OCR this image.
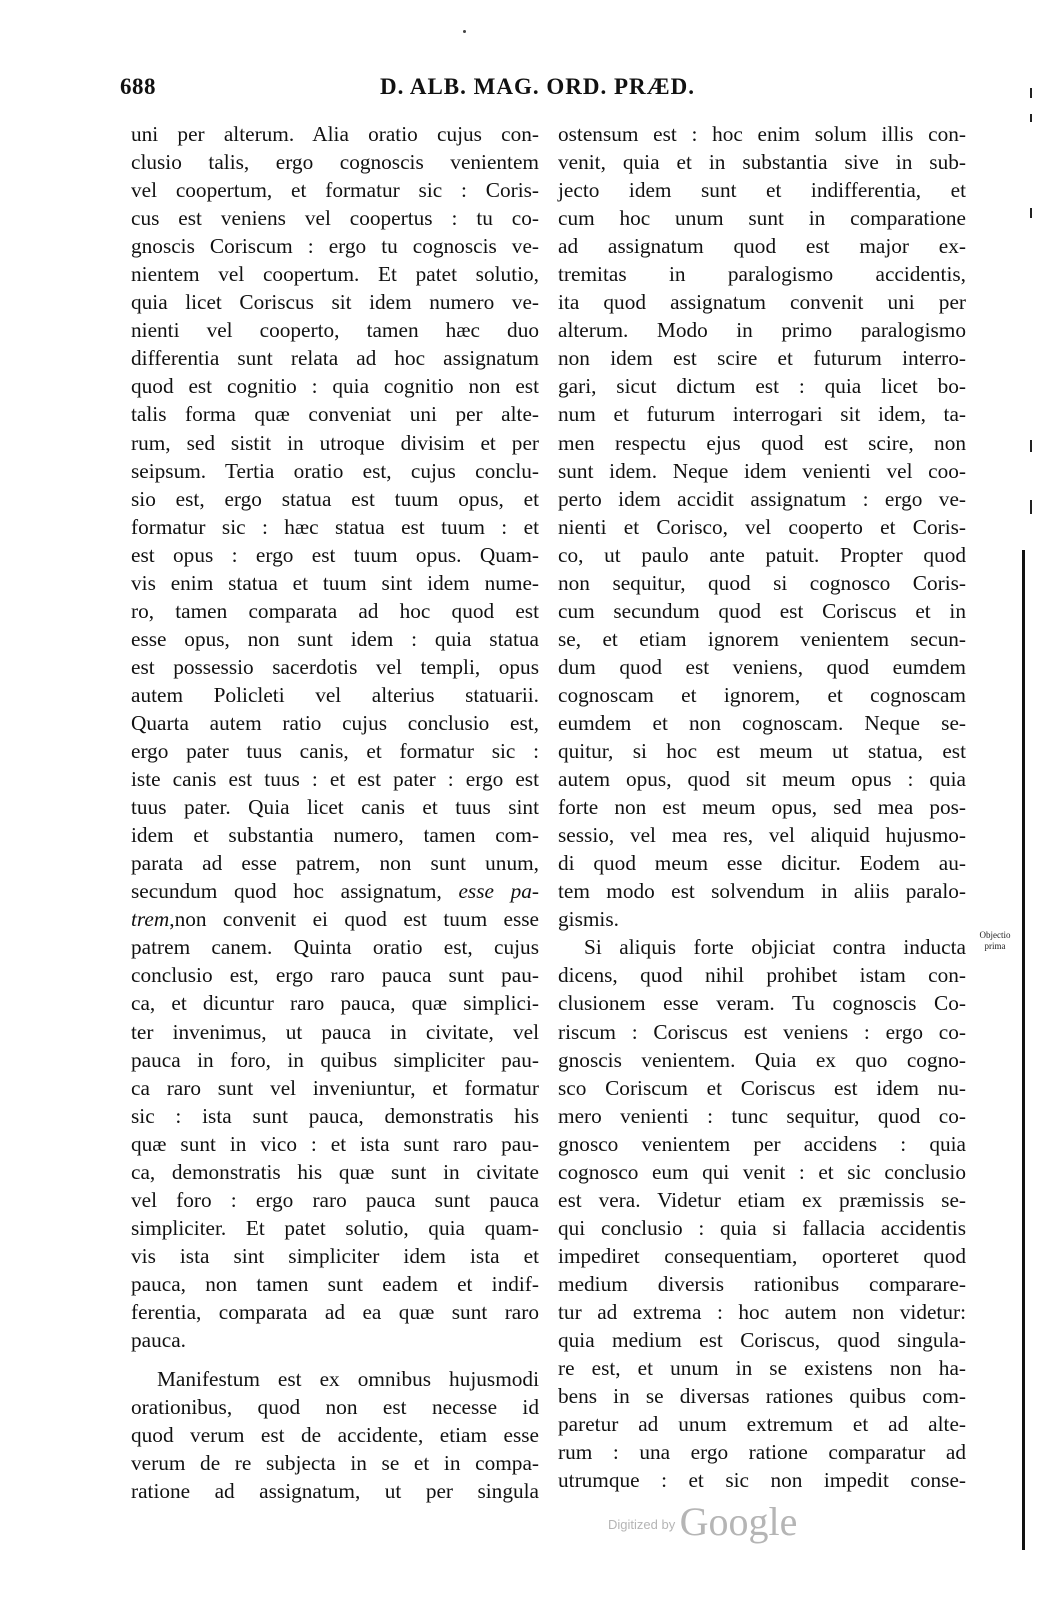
688	D. ALB. MAG. ORD. PRÆD.
uni per alterum. Alia oratio cujus con-
clusio talis, ergo cognoscis venientem
vel coopertum, et formatur sic : Coris-
cus est veniens vel coopertus : tu co-
gnoscis Coriscum : ergo tu cognoscis ve-
nientem vel coopertum. Et patet solutio,
quia licet Coriscus sit idem numero ve-
nienti vel cooperto, tamen hæc duo
differentia sunt relata ad hoc assignatum
quod est cognitio : quia cognitio non est
talis forma quæ conveniat uni per alte-
rum, sed sistit in utroque divisim et per
seipsum. Tertia oratio est, cujus conclu-
sio est, ergo statua est tuum opus, et
formatur sic : hæc statua est tuum : et
est opus : ergo est tuum opus. Quam-
vis enim statua et tuum sint idem nume-
ro, tamen comparata ad hoc quod est
esse opus, non sunt idem : quia statua
est possessio sacerdotis vel templi, opus
autem Policleti vel alterius statuarii.
Quarta autem ratio cujus conclusio est,
ergo pater tuus canis, et formatur sic :
iste canis est tuus : et est pater : ergo est
tuus pater. Quia licet canis et tuus sint
idem et substantia numero, tamen com-
parata ad esse patrem, non sunt unum,
secundum quod hoc assignatum, esse pa-
trem,non convenit ei quod est tuum esse
patrem canem. Quinta oratio est, cujus
conclusio est, ergo raro pauca sunt pau-
ca, et dicuntur raro pauca, quæ simplici-
ter invenimus, ut pauca in civitate, vel
pauca in foro, in quibus simpliciter pau-
ca raro sunt vel inveniuntur, et formatur
sic : ista sunt pauca, demonstratis his
quæ sunt in vico : et ista sunt raro pau-
ca, demonstratis his quæ sunt in civitate
vel foro : ergo raro pauca sunt pauca
simpliciter. Et patet solutio, quia quam-
vis ista sint simpliciter idem ista et
pauca, non tamen sunt eadem et indif-
ferentia, comparata ad ea quæ sunt raro
pauca.
Manifestum est ex omnibus hujusmodi
orationibus, quod non est necesse id
quod verum est de accidente, etiam esse
verum de re subjecta in se et in compa-
ratione ad assignatum, ut per singula
ostensum est : hoc enim solum illis con-
venit, quia et in substantia sive in sub-
jecto idem sunt et indifferentia, et
cum hoc unum sunt in comparatione
ad assignatum quod est major ex-
tremitas in paralogismo accidentis,
ita quod assignatum convenit uni per
alterum. Modo in primo paralogismo
non idem est scire et futurum interro-
gari, sicut dictum est : quia licet bo-
num et futurum interrogari sit idem, ta-
men respectu ejus quod est scire, non
sunt idem. Neque idem venienti vel coo-
perto idem accidit assignatum : ergo ve-
nienti et Corisco, vel cooperto et Coris-
co, ut paulo ante patuit. Propter quod
non sequitur, quod si cognosco Coris-
cum secundum quod est Coriscus et in
se, et etiam ignorem venientem secun-
dum quod est veniens, quod eumdem
cognoscam et ignorem, et cognoscam
eumdem et non cognoscam. Neque se-
quitur, si hoc est meum ut statua, est
autem opus, quod sit meum opus : quia
forte non est meum opus, sed mea pos-
sessio, vel mea res, vel aliquid hujusmo-
di quod meum esse dicitur. Eodem au-
tem modo est solvendum in aliis paralo-
gismis.
Si aliquis forte objiciat contra inducta
dicens, quod nihil prohibet istam con-
clusionem esse veram. Tu cognoscis Co-
riscum : Coriscus est veniens : ergo co-
gnoscis venientem. Quia ex quo cogno-
sco Coriscum et Coriscus est idem nu-
mero venienti : tunc sequitur, quod co-
gnosco venientem per accidens : quia
cognosco eum qui venit : et sic conclusio
est vera. Videtur etiam ex præmissis se-
qui conclusio : quia si fallacia accidentis
impediret consequentiam, oporteret quod
medium diversis rationibus comparare-
tur ad extrema : hoc autem non videtur:
quia medium est Coriscus, quod singula-
re est, et unum in se existens non ha-
bens in se diversas rationes quibus com-
paretur ad unum extremum et ad alte-
rum : una ergo ratione comparatur ad
utrumque : et sic non impedit conse-
Objectio
prima
$^{Digitized by}$ Google
